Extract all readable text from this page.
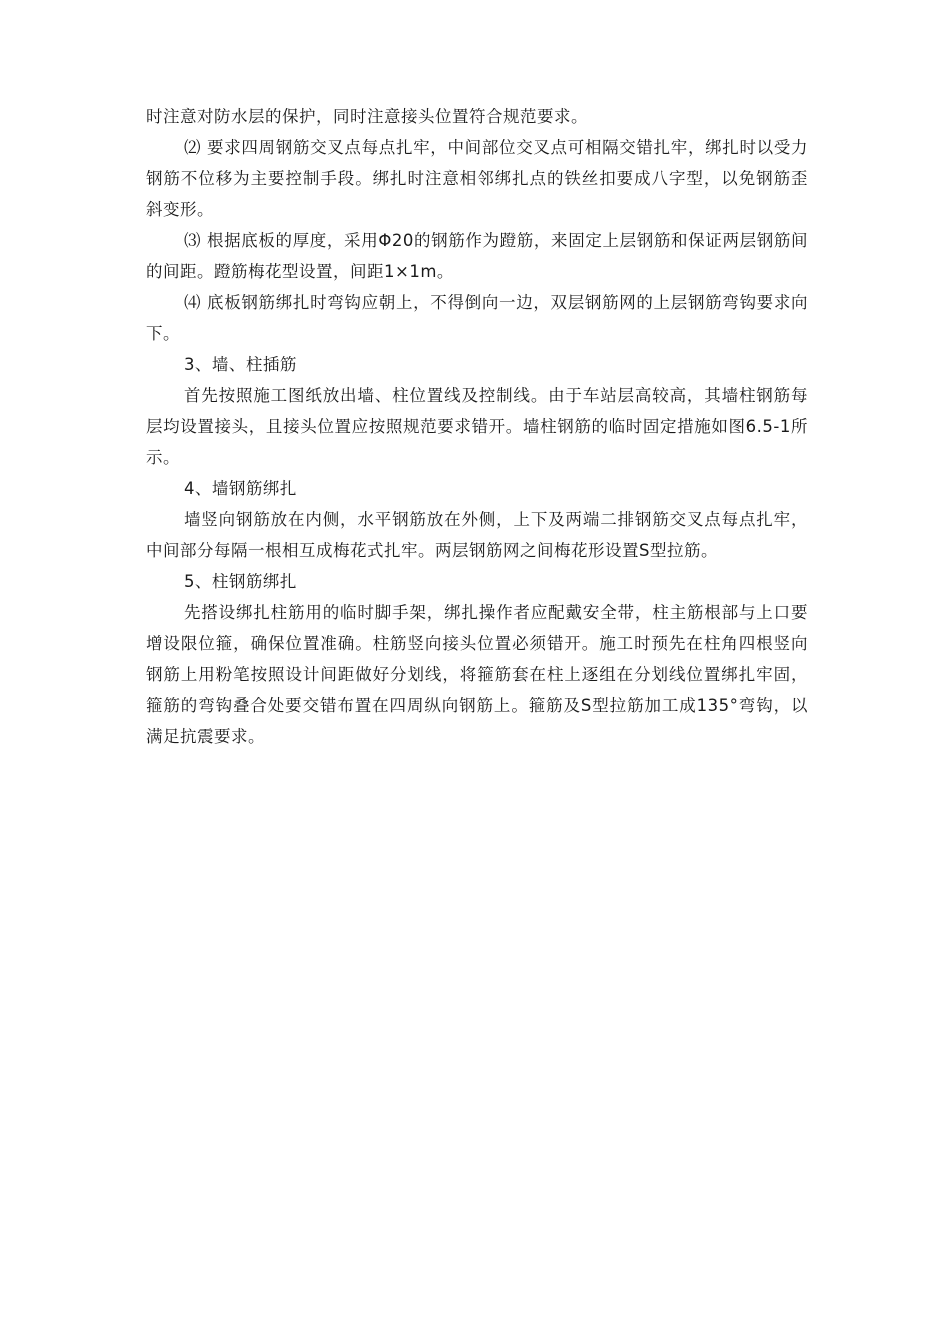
时注意对防水层的保护，同时注意接头位置符合规范要求。

⑵ 要求四周钢筋交叉点每点扎牢，中间部位交叉点可相隔交错扎牢，绑扎时以受力钢筋不位移为主要控制手段。绑扎时注意相邻绑扎点的铁丝扣要成八字型，以免钢筋歪斜变形。

⑶ 根据底板的厚度，采用Φ20的钢筋作为蹬筋，来固定上层钢筋和保证两层钢筋间的间距。蹬筋梅花型设置，间距1×1m。

⑷ 底板钢筋绑扎时弯钩应朝上，不得倒向一边，双层钢筋网的上层钢筋弯钩要求向下。

3、墙、柱插筋

首先按照施工图纸放出墙、柱位置线及控制线。由于车站层高较高，其墙柱钢筋每层均设置接头，且接头位置应按照规范要求错开。墙柱钢筋的临时固定措施如图6.5-1所示。

4、墙钢筋绑扎

墙竖向钢筋放在内侧，水平钢筋放在外侧，上下及两端二排钢筋交叉点每点扎牢，中间部分每隔一根相互成梅花式扎牢。两层钢筋网之间梅花形设置S型拉筋。

5、柱钢筋绑扎

先搭设绑扎柱筋用的临时脚手架，绑扎操作者应配戴安全带，柱主筋根部与上口要增设限位箍，确保位置准确。柱筋竖向接头位置必须错开。施工时预先在柱角四根竖向钢筋上用粉笔按照设计间距做好分划线，将箍筋套在柱上逐组在分划线位置绑扎牢固，箍筋的弯钩叠合处要交错布置在四周纵向钢筋上。箍筋及S型拉筋加工成135°弯钩，以满足抗震要求。
